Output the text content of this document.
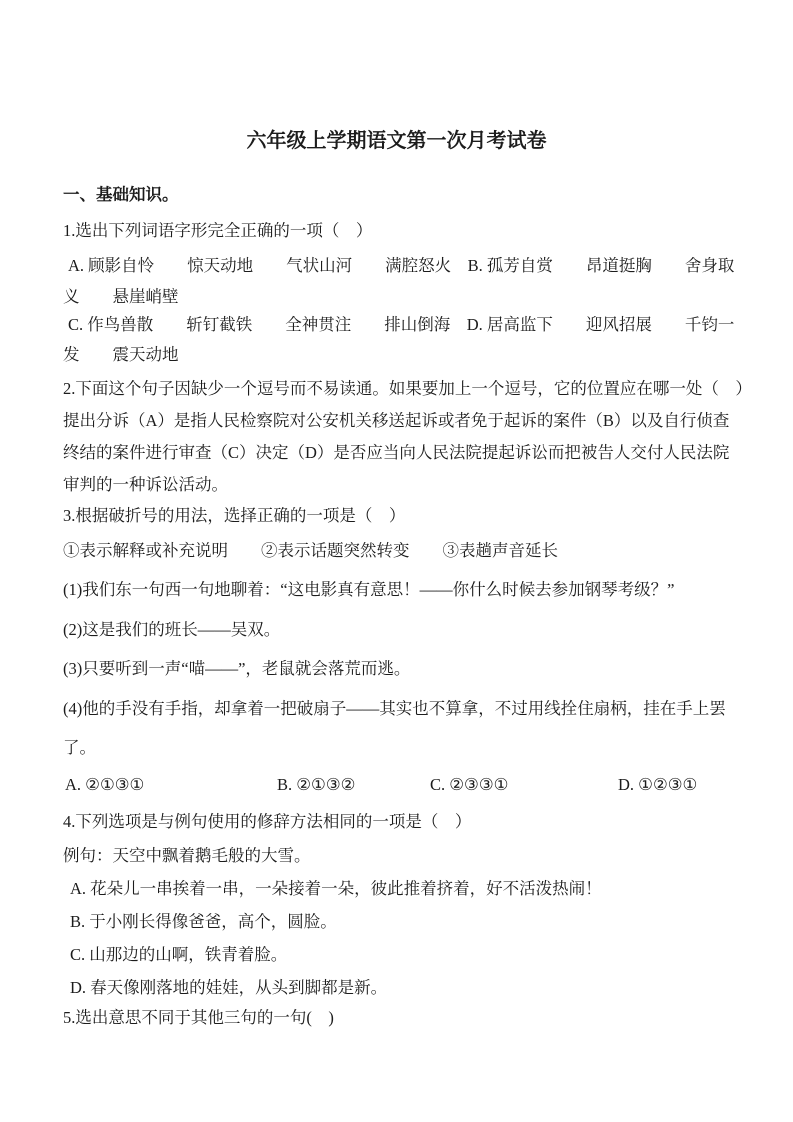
六年级上学期语文第一次月考试卷
一、基础知识。
1.选出下列词语字形完全正确的一项（　）
A. 顾影自怜　　惊天动地　　气状山河　　满腔怒火　B. 孤芳自赏　　昂道挺胸　　舍身取
义　　悬崖峭壁
C. 作鸟兽散　　斩钉截铁　　全神贯注　　排山倒海　D. 居高监下　　迎风招展　　千钧一
发　　震天动地
2.下面这个句子因缺少一个逗号而不易读通。如果要加上一个逗号，它的位置应在哪一处（　）
提出分诉（A）是指人民检察院对公安机关移送起诉或者免于起诉的案件（B）以及自行侦查
终结的案件进行审查（C）决定（D）是否应当向人民法院提起诉讼而把被告人交付人民法院
审判的一种诉讼活动。
3.根据破折号的用法，选择正确的一项是（　）
①表示解释或补充说明　　②表示话题突然转变　　③表趟声音延长
(1)我们东一句西一句地聊着：“这电影真有意思！——你什么时候去参加钢琴考级？”
(2)这是我们的班长——吴双。
(3)只要听到一声“喵——”，老鼠就会落荒而逃。
(4)他的手没有手指，却拿着一把破扇子——其实也不算拿，不过用线拴住扇柄，挂在手上罢
了。
A. ②①③①	B. ②①③②	C. ②③③①	D. ①②③①
4.下列选项是与例句使用的修辞方法相同的一项是（　）
例句：天空中飘着鹅毛般的大雪。
A. 花朵儿一串挨着一串，一朵接着一朵，彼此推着挤着，好不活泼热闹！
B. 于小刚长得像爸爸，高个，圆脸。
C. 山那边的山啊，铁青着脸。
D. 春天像刚落地的娃娃，从头到脚都是新。
5.选出意思不同于其他三句的一句(　)
